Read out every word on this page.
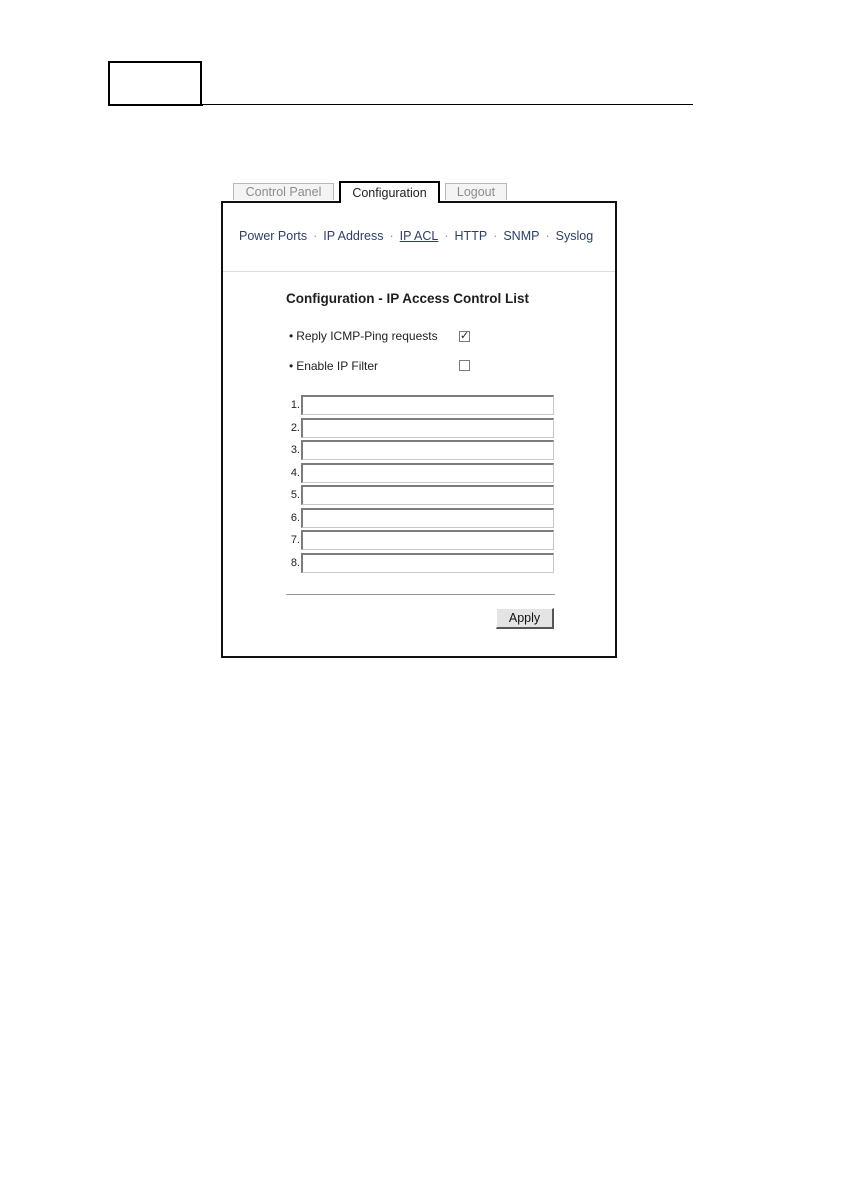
Control Panel	Configuration	Logout
Power Ports · IP Address · IP ACL · HTTP · SNMP · Syslog
Configuration - IP Access Control List
• Reply ICMP-Ping requests ✓
• Enable IP Filter
1.
2.
3.
4.
5.
6.
7.
8.
Apply
